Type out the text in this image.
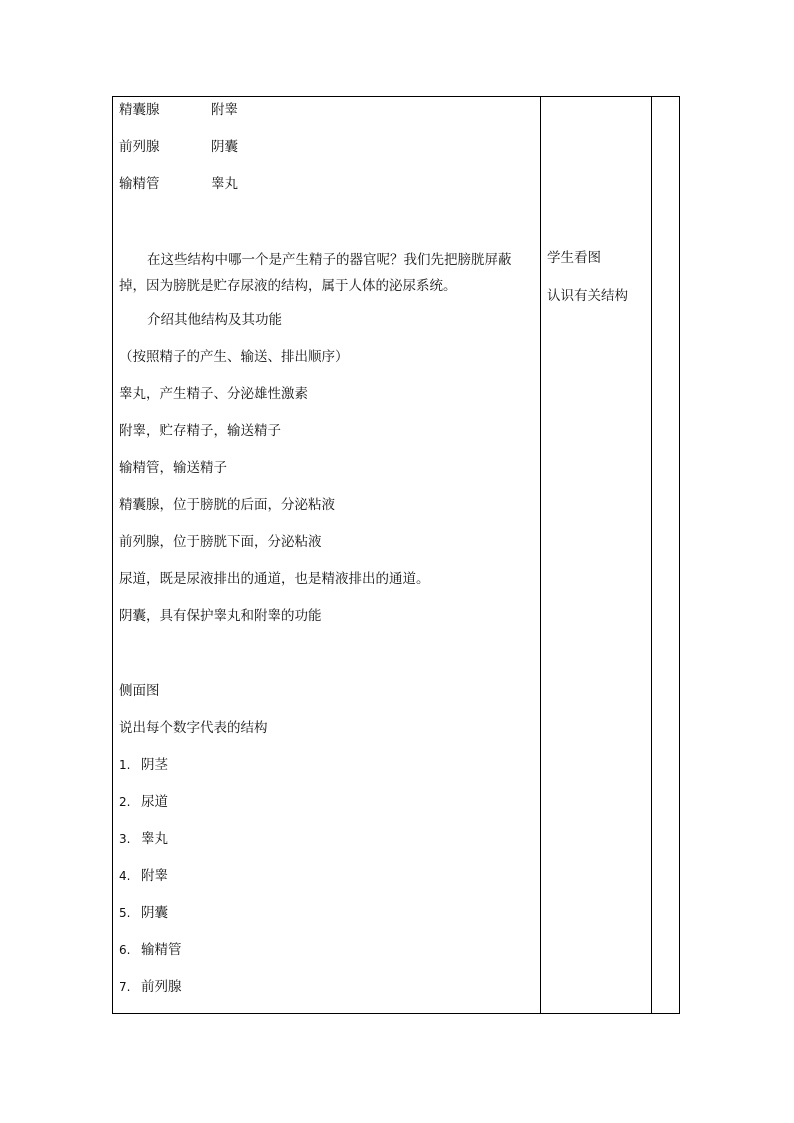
精囊腺	附睾
前列腺	阴囊
输精管	睾丸
在这些结构中哪一个是产生精子的器官呢？我们先把膀胱屏蔽掉，因为膀胱是贮存尿液的结构，属于人体的泌尿系统。
介绍其他结构及其功能
（按照精子的产生、输送、排出顺序）
睾丸，产生精子、分泌雄性激素
附睾，贮存精子，输送精子
输精管，输送精子
精囊腺，位于膀胱的后面，分泌粘液
前列腺，位于膀胱下面，分泌粘液
尿道，既是尿液排出的通道，也是精液排出的通道。
阴囊，具有保护睾丸和附睾的功能
侧面图
说出每个数字代表的结构
1. 阴茎
2. 尿道
3. 睾丸
4. 附睾
5. 阴囊
6. 输精管
7. 前列腺
学生看图
认识有关结构
